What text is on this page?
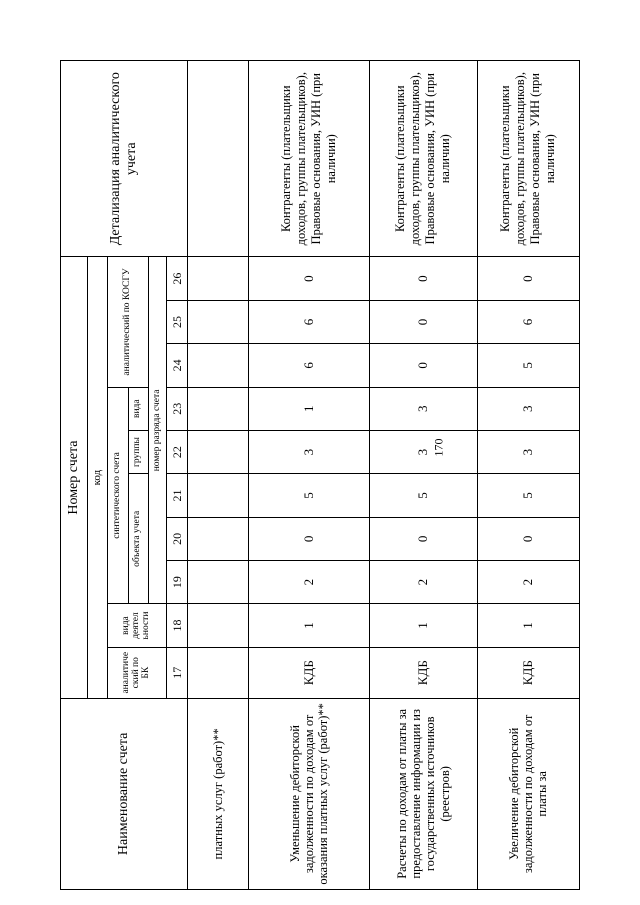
170
Наименование счета	Номер счета										Детализация аналитического учета
	код										
	аналитиче ский по БК	вида деятел ьности	синтетического счета					аналитический по КОСГУ			
			объекта учета			группы	вида				
			номер разряда счета								
	17	18	19	20	21	22	23	24	25	26	
платных услуг (работ)**											
Уменьшение дебиторской задолженности по доходам от оказания платных услуг (работ)**	КДБ	1	2	0	5	3	1	6	6	0	Контрагенты (плательщики доходов, группы плательщиков), Правовые основания, УИН (при наличии)
Расчеты по доходам от платы за предоставление информации из государственных источников (реестров)	КДБ	1	2	0	5	3	3	0	0	0	Контрагенты (плательщики доходов, группы плательщиков), Правовые основания, УИН (при наличии)
Увеличение дебиторской задолженности по доходам от платы за	КДБ	1	2	0	5	3	3	5	6	0	Контрагенты (плательщики доходов, группы плательщиков), Правовые основания, УИН (при наличии)
